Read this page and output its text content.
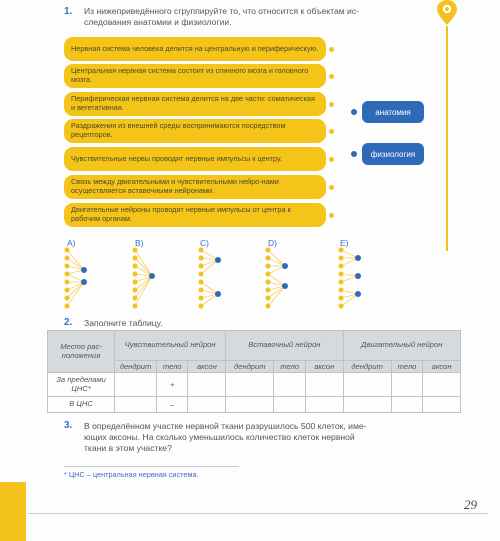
1. Из нижеприведённого сгруппируйте то, что относится к объектам ис-
следования анатомии и физиологии.
Нервная система человека делится на центральную и периферическую.
Центральная нервная система состоит из спинного мозга и головного мозга.
Периферическая нервная система делится на две части: соматическая и вегетативная.
Раздражения из внешней среды воспринимаются посредством рецепторов.
Чувствительные нервы проводят нервные импульсы к центру.
Связь между двигательными и чувствительными нейро-нами осуществляется вставочными нейронами.
Двигательные нейроны проводят нервные импульсы от центра к рабочим органам.
анатомия
физиология
A)	B)	C)	D)	E)
2. Заполните таблицу.
Место рас-положения	Чувствительный нейрон			Вставочный нейрон			Двигательный нейрон		
	дендрит	тело	аксон	дендрит	тело	аксон	дендрит	тело	аксон
За пределами ЦНС*		+							
В ЦНС		–							
3. В определённом участке нервной ткани разрушилось 500 клеток, име-
ющих аксоны. На сколько уменьшилось количество клеток нервной
ткани в этом участке?
* ЦНС – центральная нервная система.
29
